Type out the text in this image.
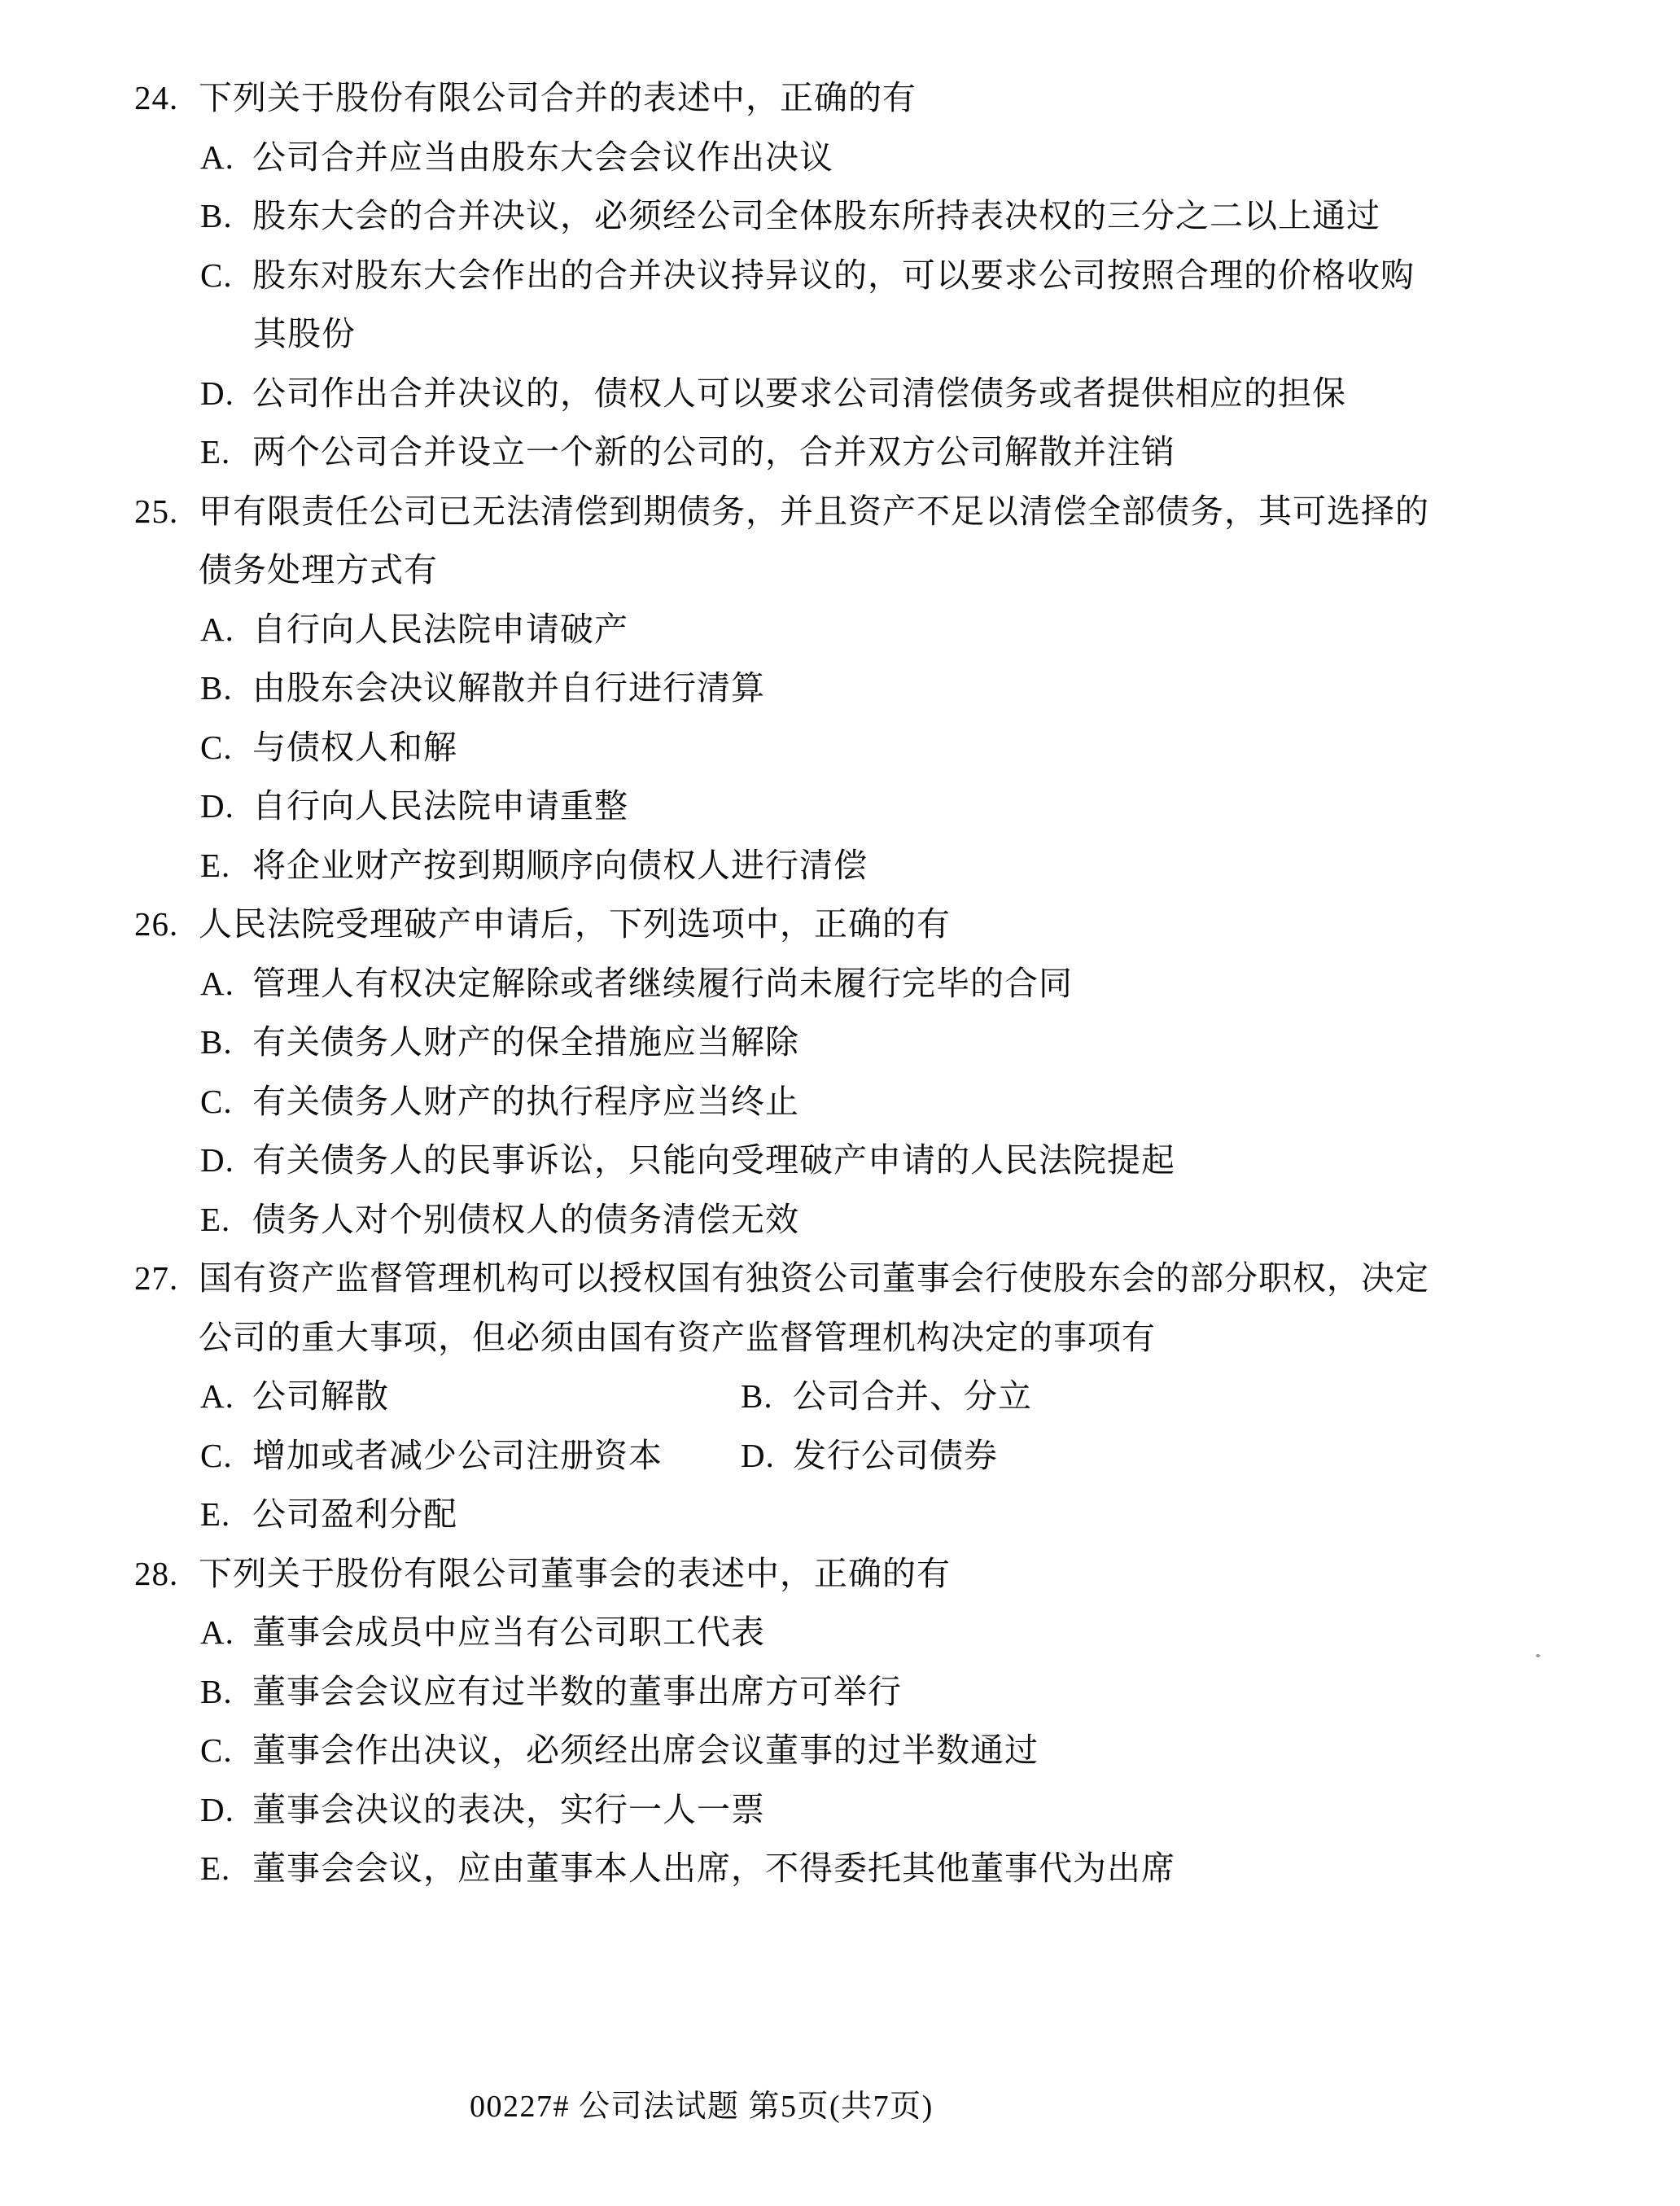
24. 下列关于股份有限公司合并的表述中，正确的有
A. 公司合并应当由股东大会会议作出决议
B. 股东大会的合并决议，必须经公司全体股东所持表决权的三分之二以上通过
C. 股东对股东大会作出的合并决议持异议的，可以要求公司按照合理的价格收购
其股份
D. 公司作出合并决议的，债权人可以要求公司清偿债务或者提供相应的担保
E. 两个公司合并设立一个新的公司的，合并双方公司解散并注销
25. 甲有限责任公司已无法清偿到期债务，并且资产不足以清偿全部债务，其可选择的
债务处理方式有
A. 自行向人民法院申请破产
B. 由股东会决议解散并自行进行清算
C. 与债权人和解
D. 自行向人民法院申请重整
E. 将企业财产按到期顺序向债权人进行清偿
26. 人民法院受理破产申请后，下列选项中，正确的有
A. 管理人有权决定解除或者继续履行尚未履行完毕的合同
B. 有关债务人财产的保全措施应当解除
C. 有关债务人财产的执行程序应当终止
D. 有关债务人的民事诉讼，只能向受理破产申请的人民法院提起
E. 债务人对个别债权人的债务清偿无效
27. 国有资产监督管理机构可以授权国有独资公司董事会行使股东会的部分职权，决定
公司的重大事项，但必须由国有资产监督管理机构决定的事项有
A. 公司解散	B. 公司合并、分立
C. 增加或者减少公司注册资本 D. 发行公司债券
E. 公司盈利分配
28. 下列关于股份有限公司董事会的表述中，正确的有
A. 董事会成员中应当有公司职工代表
B. 董事会会议应有过半数的董事出席方可举行
C. 董事会作出决议，必须经出席会议董事的过半数通过
D. 董事会决议的表决，实行一人一票
E. 董事会会议，应由董事本人出席，不得委托其他董事代为出席
00227# 公司法试题 第5页(共7页)
